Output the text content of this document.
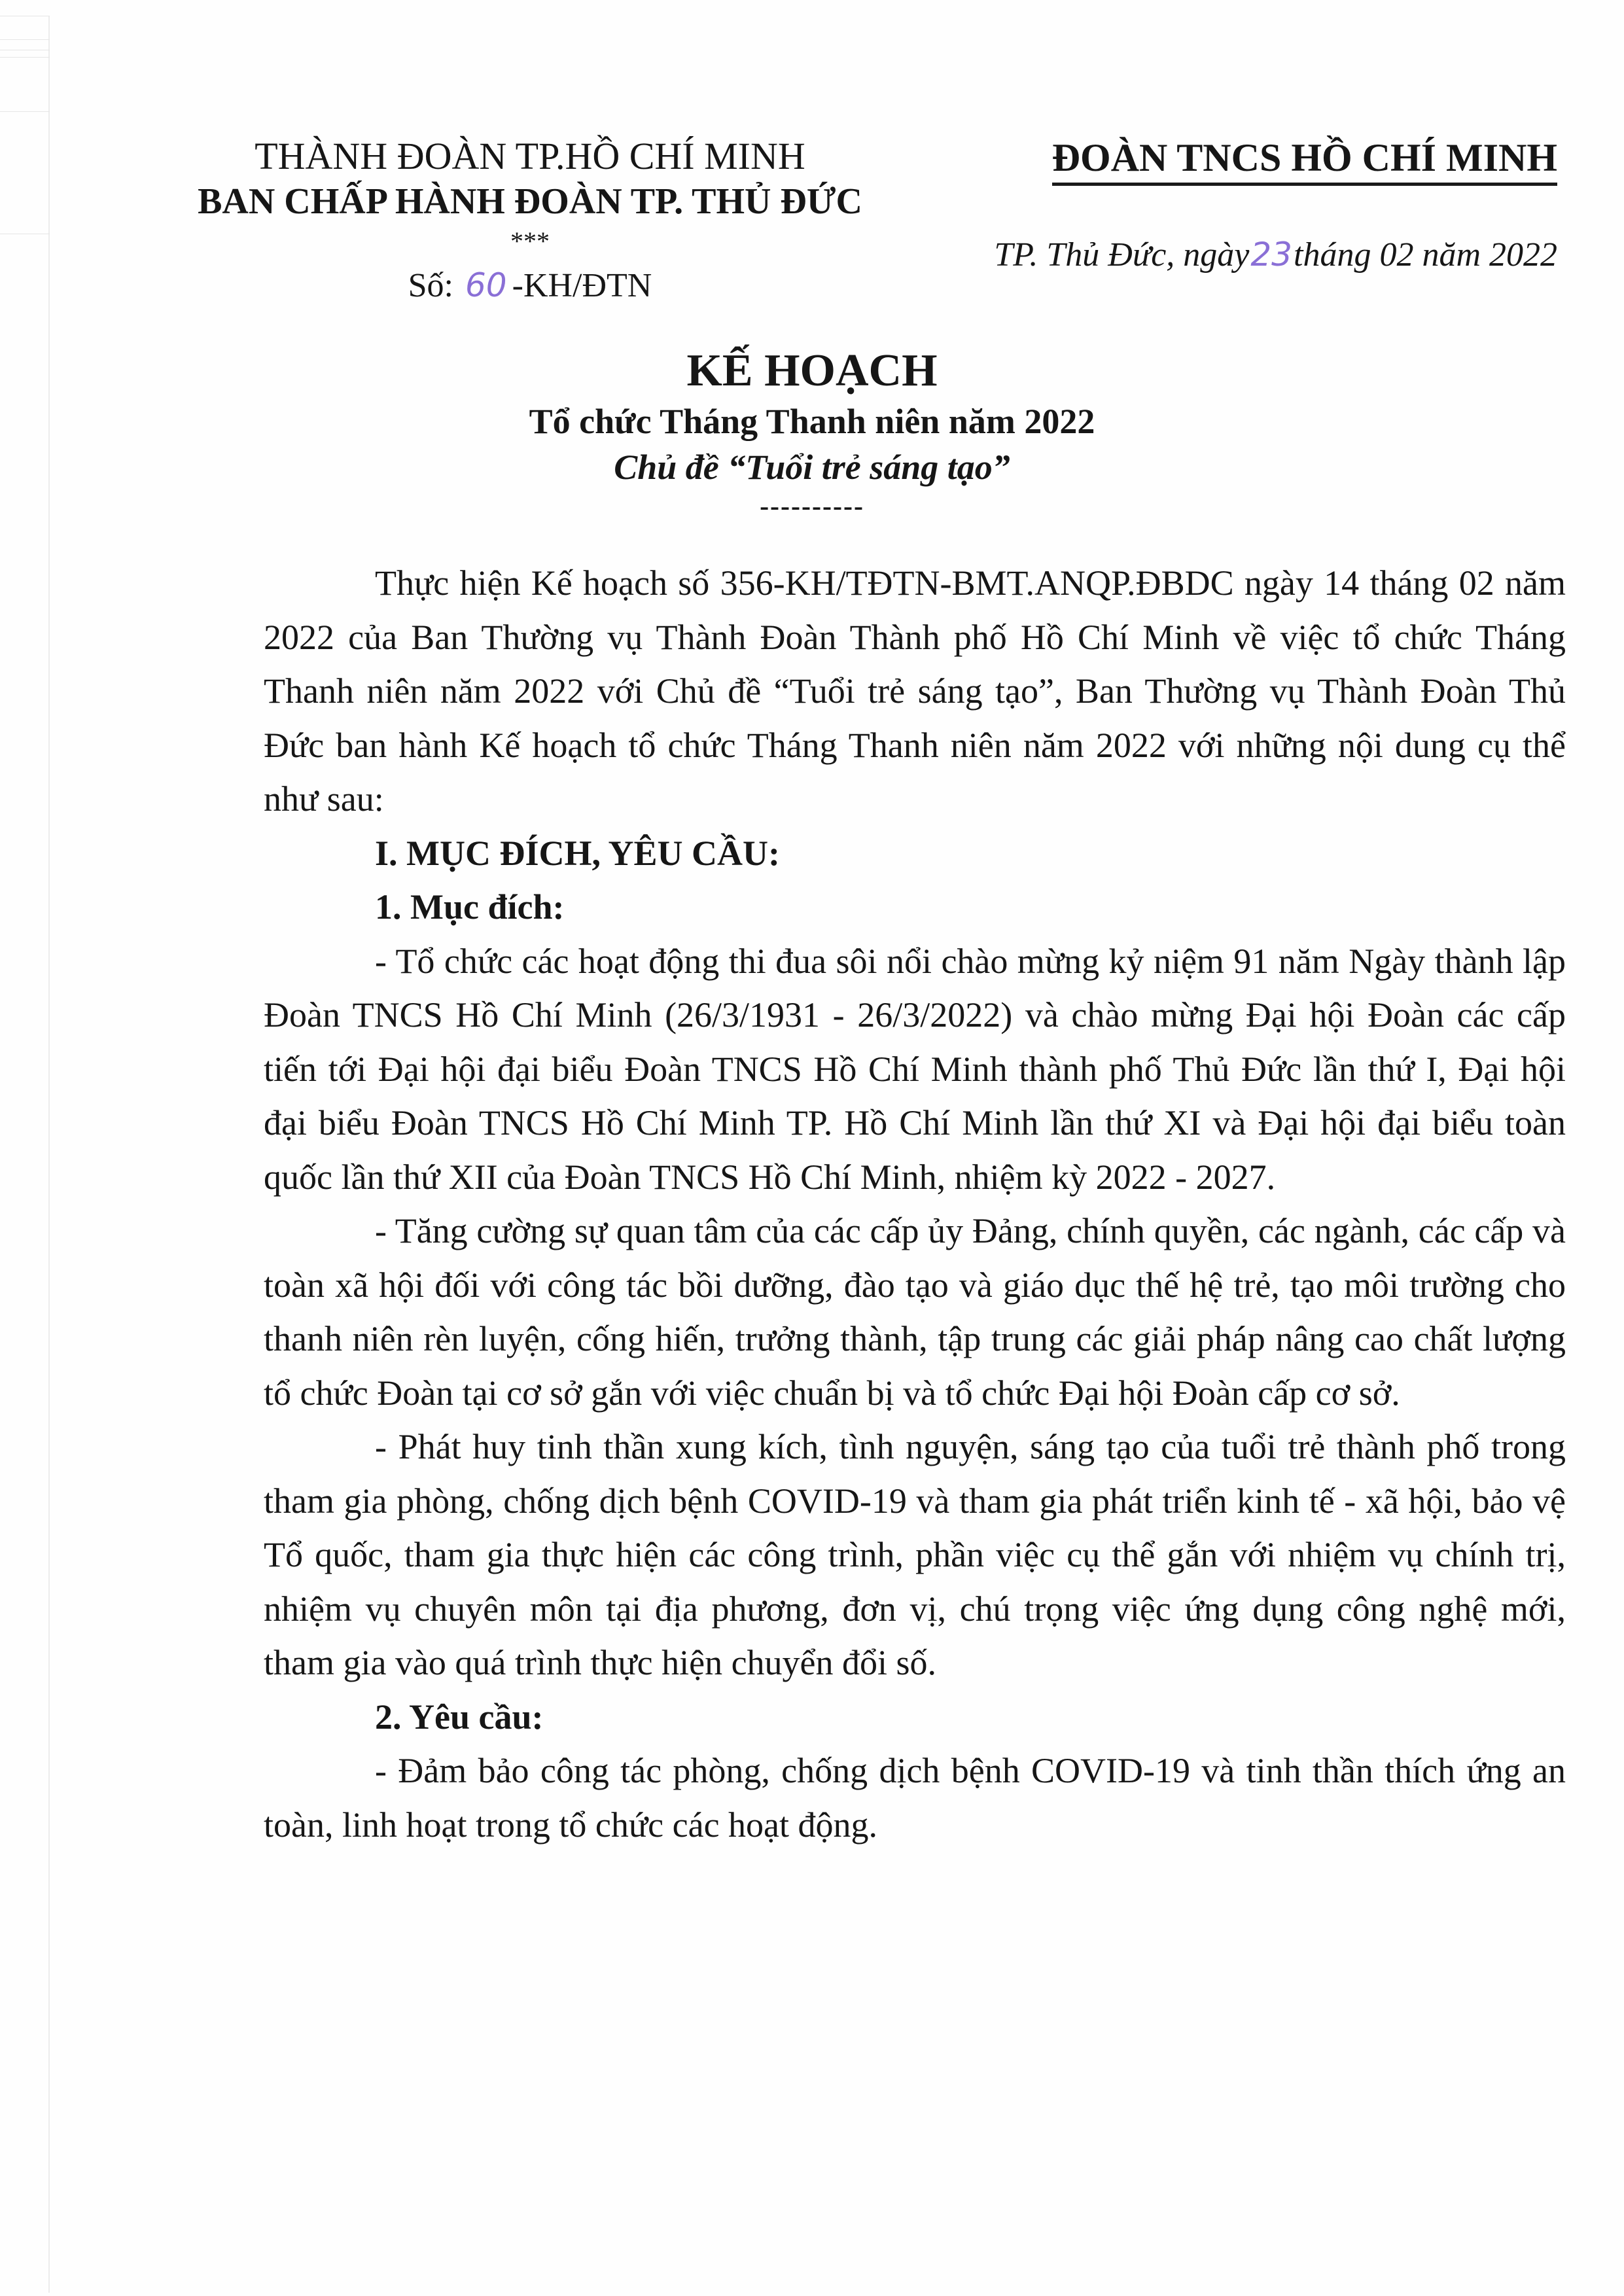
THÀNH ĐOÀN TP.HỒ CHÍ MINH
BAN CHẤP HÀNH ĐOÀN TP. THỦ ĐỨC
***
Số: 60 -KH/ĐTN
ĐOÀN TNCS HỒ CHÍ MINH
TP. Thủ Đức, ngày23tháng 02 năm 2022
KẾ HOẠCH
Tổ chức Tháng Thanh niên năm 2022
Chủ đề “Tuổi trẻ sáng tạo”
----------

Thực hiện Kế hoạch số 356-KH/TĐTN-BMT.ANQP.ĐBDC ngày 14 tháng 02 năm 2022 của Ban Thường vụ Thành Đoàn Thành phố Hồ Chí Minh về việc tổ chức Tháng Thanh niên năm 2022 với Chủ đề “Tuổi trẻ sáng tạo”, Ban Thường vụ Thành Đoàn Thủ Đức ban hành Kế hoạch tổ chức Tháng Thanh niên năm 2022 với những nội dung cụ thể như sau:

I. MỤC ĐÍCH, YÊU CẦU:

1. Mục đích:

- Tổ chức các hoạt động thi đua sôi nổi chào mừng kỷ niệm 91 năm Ngày thành lập Đoàn TNCS Hồ Chí Minh (26/3/1931 - 26/3/2022) và chào mừng Đại hội Đoàn các cấp tiến tới Đại hội đại biểu Đoàn TNCS Hồ Chí Minh thành phố Thủ Đức lần thứ I, Đại hội đại biểu Đoàn TNCS Hồ Chí Minh TP. Hồ Chí Minh lần thứ XI và Đại hội đại biểu toàn quốc lần thứ XII của Đoàn TNCS Hồ Chí Minh, nhiệm kỳ 2022 - 2027.

- Tăng cường sự quan tâm của các cấp ủy Đảng, chính quyền, các ngành, các cấp và toàn xã hội đối với công tác bồi dưỡng, đào tạo và giáo dục thế hệ trẻ, tạo môi trường cho thanh niên rèn luyện, cống hiến, trưởng thành, tập trung các giải pháp nâng cao chất lượng tổ chức Đoàn tại cơ sở gắn với việc chuẩn bị và tổ chức Đại hội Đoàn cấp cơ sở.

- Phát huy tinh thần xung kích, tình nguyện, sáng tạo của tuổi trẻ thành phố trong tham gia phòng, chống dịch bệnh COVID-19 và tham gia phát triển kinh tế - xã hội, bảo vệ Tổ quốc, tham gia thực hiện các công trình, phần việc cụ thể gắn với nhiệm vụ chính trị, nhiệm vụ chuyên môn tại địa phương, đơn vị, chú trọng việc ứng dụng công nghệ mới, tham gia vào quá trình thực hiện chuyển đổi số.

2. Yêu cầu:

- Đảm bảo công tác phòng, chống dịch bệnh COVID-19 và tinh thần thích ứng an toàn, linh hoạt trong tổ chức các hoạt động.
